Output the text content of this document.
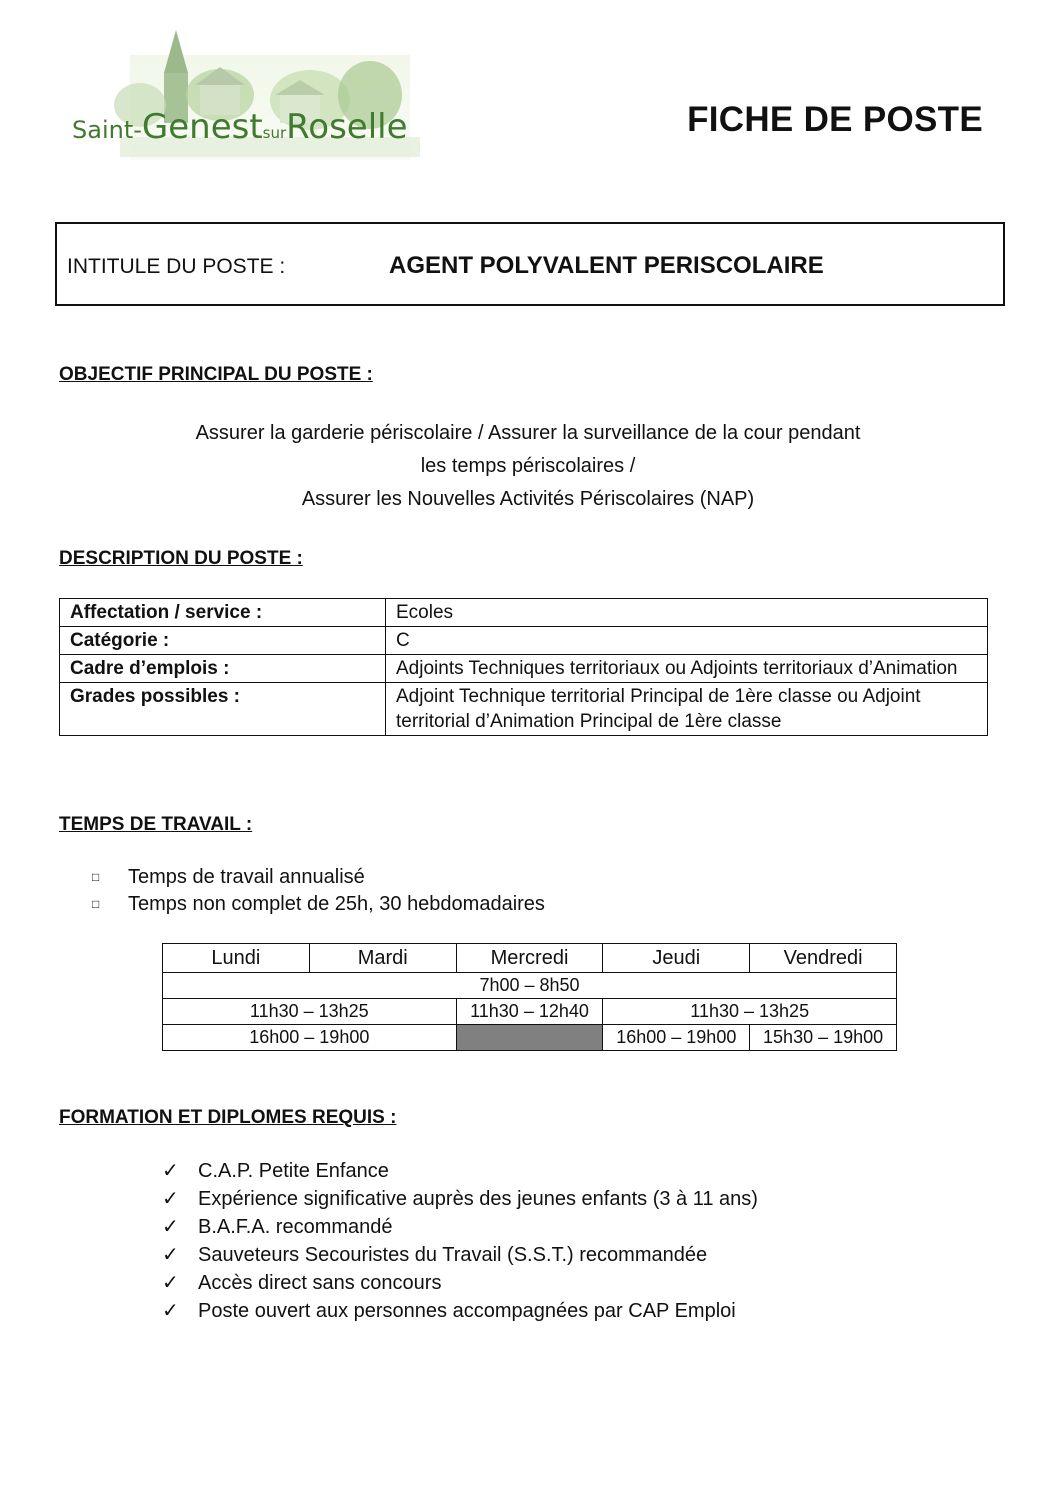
Saint-GenestsurRoselle	FICHE DE POSTE
INTITULE DU POSTE :	AGENT POLYVALENT PERISCOLAIRE
OBJECTIF PRINCIPAL DU POSTE :
Assurer la garderie périscolaire / Assurer la surveillance de la cour pendant
les temps périscolaires /
Assurer les Nouvelles Activités Périscolaires (NAP)
DESCRIPTION DU POSTE :
Affectation / service :	Ecoles
Catégorie :	C
Cadre d’emplois :	Adjoints Techniques territoriaux ou Adjoints territoriaux d’Animation
Grades possibles :	Adjoint Technique territorial Principal de 1ère classe ou Adjoint territorial d’Animation Principal de 1ère classe
TEMPS DE TRAVAIL :
□	Temps de travail annualisé
□	Temps non complet de 25h, 30 hebdomadaires
Lundi	Mardi	Mercredi	Jeudi	Vendredi
7h00 – 8h50				
11h30 – 13h25		11h30 – 12h40	11h30 – 13h25	
16h00 – 19h00			16h00 – 19h00	15h30 – 19h00
FORMATION ET DIPLOMES REQUIS :
✓ C.A.P. Petite Enfance
✓ Expérience significative auprès des jeunes enfants (3 à 11 ans)
✓ B.A.F.A. recommandé
✓ Sauveteurs Secouristes du Travail (S.S.T.) recommandée
✓ Accès direct sans concours
✓ Poste ouvert aux personnes accompagnées par CAP Emploi
